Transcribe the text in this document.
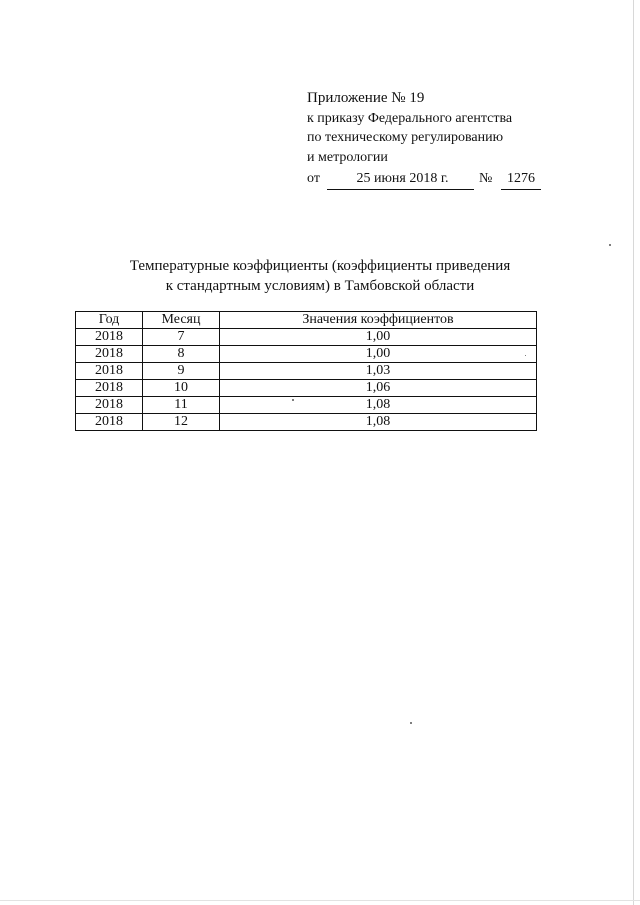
Приложение № 19
к приказу Федерального агентства
по техническому регулированию
и метрологии
от	25 июня 2018 г.	№	1276
Температурные коэффициенты (коэффициенты приведения
к стандартным условиям) в Тамбовской области
Год	Месяц	Значения коэффициентов
2018	7	1,00
2018	8	1,00
2018	9	1,03
2018	10	1,06
2018	11	1,08
2018	12	1,08
